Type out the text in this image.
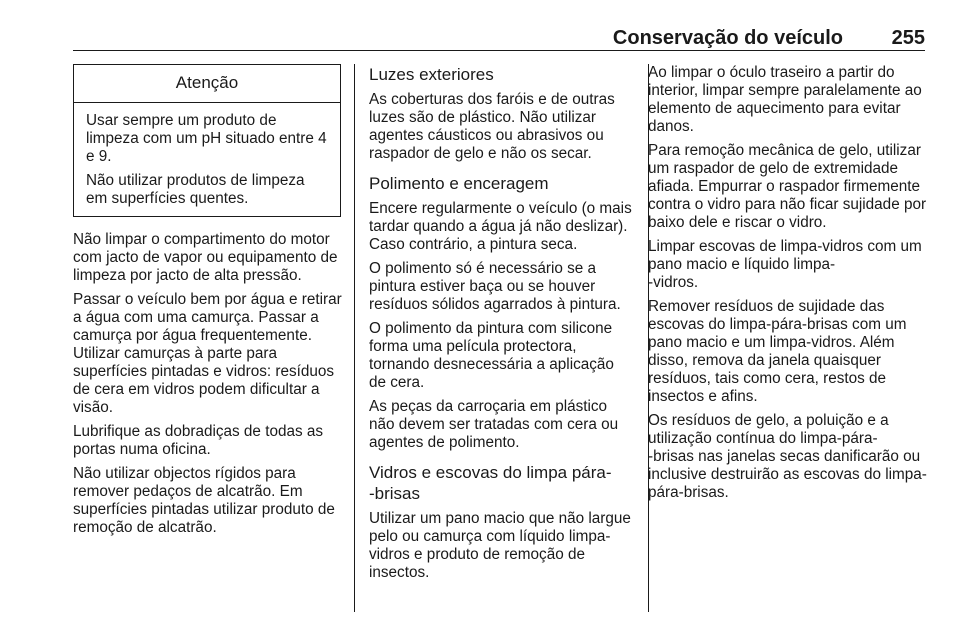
Conservação do veículo 255
Atenção

Usar sempre um produto de limpeza com um pH situado entre 4 e 9.

Não utilizar produtos de limpeza em superfícies quentes.

Não limpar o compartimento do motor com jacto de vapor ou equipamento de limpeza por jacto de alta pressão.

Passar o veículo bem por água e retirar a água com uma camurça. Passar a camurça por água frequentemente. Utilizar camurças à parte para superfícies pintadas e vidros: resíduos de cera em vidros podem dificultar a visão.

Lubrifique as dobradiças de todas as portas numa oficina.

Não utilizar objectos rígidos para remover pedaços de alcatrão. Em superfícies pintadas utilizar produto de remoção de alcatrão.

Luzes exteriores

As coberturas dos faróis e de outras luzes são de plástico. Não utilizar agentes cáusticos ou abrasivos ou raspador de gelo e não os secar.

Polimento e enceragem

Encere regularmente o veículo (o mais tardar quando a água já não deslizar). Caso contrário, a pintura seca.

O polimento só é necessário se a pintura estiver baça ou se houver resíduos sólidos agarrados à pintura.

O polimento da pintura com silicone forma uma película protectora, tornando desnecessária a aplicação de cera.

As peças da carroçaria em plástico não devem ser tratadas com cera ou agentes de polimento.

Vidros e escovas do limpa pára-
-brisas

Utilizar um pano macio que não largue pelo ou camurça com líquido limpa-vidros e produto de remoção de insectos.

Ao limpar o óculo traseiro a partir do interior, limpar sempre paralelamente ao elemento de aquecimento para evitar danos.

Para remoção mecânica de gelo, utilizar um raspador de gelo de extremidade afiada. Empurrar o raspador firmemente contra o vidro para não ficar sujidade por baixo dele e riscar o vidro.

Limpar escovas de limpa-vidros com um pano macio e líquido limpa-
-vidros.

Remover resíduos de sujidade das escovas do limpa-pára-brisas com um pano macio e um limpa-vidros. Além disso, remova da janela quaisquer resíduos, tais como cera, restos de insectos e afins.

Os resíduos de gelo, a poluição e a utilização contínua do limpa-pára-
-brisas nas janelas secas danificarão ou inclusive destruirão as escovas do limpa-pára-brisas.
